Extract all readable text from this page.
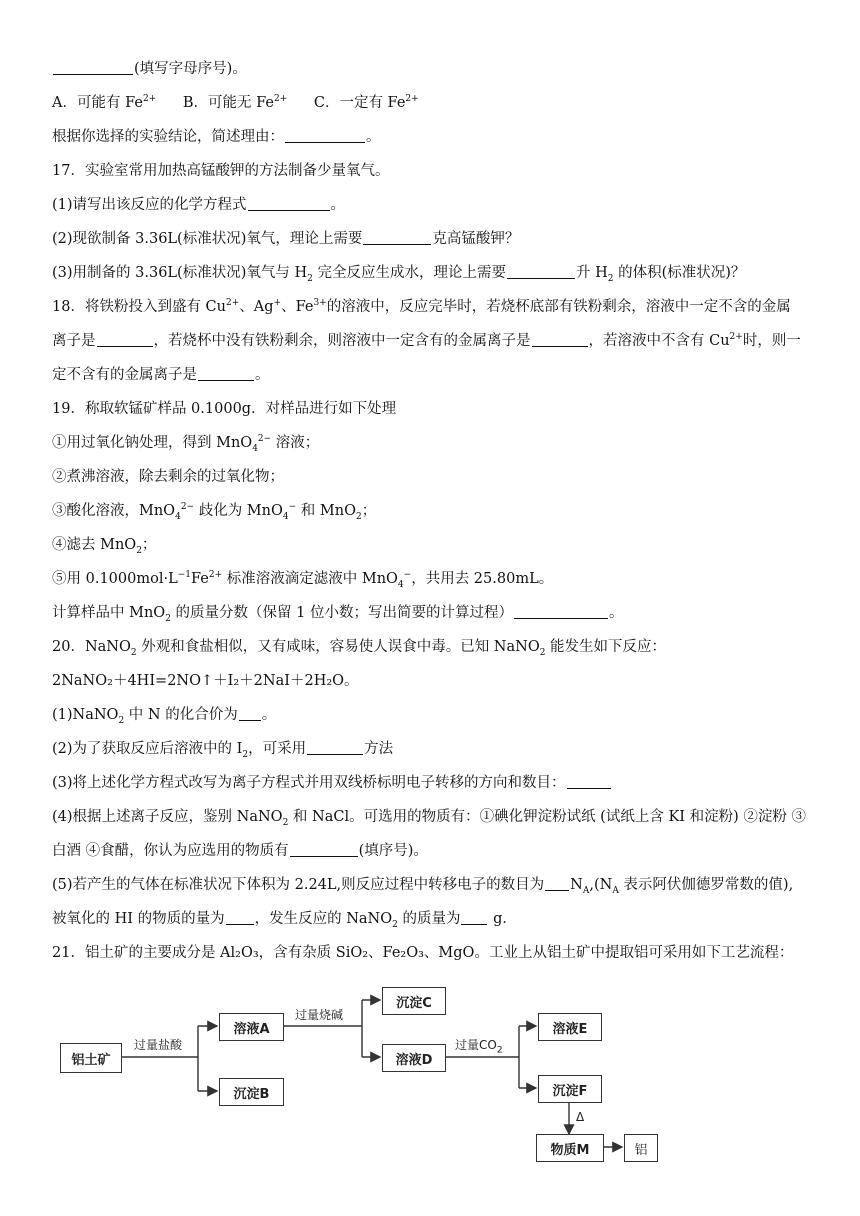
(填写字母序号)。
A．可能有 $Fe^{2+}$ B．可能无 $Fe^{2+}$ C．一定有 $Fe^{2+}$
根据你选择的实验结论，简述理由：	。
17．实验室常用加热高锰酸钾的方法制备少量氧气。
(1)请写出该反应的化学方程式	。
(2)现欲制备 3.36L(标准状况)氧气，理论上需要	克高锰酸钾？
(3)用制备的 3.36L(标准状况)氧气与 $H_2$ 完全反应生成水，理论上需要	升 $H_2$ 的体积(标准状况)？
18．将铁粉投入到盛有 $Cu^{2+}$、Ag+、$Fe^{3+}$的溶液中，反应完毕时，若烧杯底部有铁粉剩余，溶液中一定不含的金属
离子是	，若烧杯中没有铁粉剩余，则溶液中一定含有的金属离子是	，若溶液中不含有 $Cu^{2+}$时，则一
定不含有的金属离子是	。
19．称取软锰矿样品 0.1000g．对样品进行如下处理
①用过氧化钠处理，得到 MnO$_4^{2-}$ 溶液；
②煮沸溶液，除去剩余的过氧化物；
③酸化溶液，MnO$_4^{2-}$ 歧化为 MnO$_4$− 和 MnO$_2$；
④滤去 MnO$_2$；
⑤用 $0.1000mol\cdot L^{-1}Fe^{2+}$ 标准溶液滴定滤液中 MnO$_4$−，共用去 25.80mL。
计算样品中 MnO$_2$ 的质量分数（保留 1 位小数；写出简要的计算过程）	。
20．NaNO$_2$ 外观和食盐相似，又有咸味，容易使人误食中毒。已知 NaNO$_2$ 能发生如下反应：
2NaNO₂＋4HI=2NO↑＋I₂＋2NaI＋2H₂O。
(1)NaNO$_2$ 中 N 的化合价为 。
(2)为了获取反应后溶液中的 $I_2$，可采用	方法
(3)将上述化学方程式改写为离子方程式并用双线桥标明电子转移的方向和数目：
(4)根据上述离子反应，鉴别 NaNO$_2$ 和 NaCl。可选用的物质有：①碘化钾淀粉试纸 (试纸上含 KI 和淀粉) ②淀粉 ③
白酒 ④食醋，你认为应选用的物质有	(填序号)。
(5)若产生的气体在标准状况下体积为 2.24L,则反应过程中转移电子的数目为 $N_A,(N_A$ 表示阿伏伽德罗常数的值),
被氧化的 HI 的物质的量为 ，发生反应的 NaNO$_2$ 的质量为 g．
21．铝土矿的主要成分是 Al₂O₃，含有杂质 SiO₂、Fe₂O₃、MgO。工业上从铝土矿中提取铝可采用如下工艺流程：
铝土矿
过量盐酸
溶液A
沉淀B
过量烧碱
沉淀C
溶液D
过量$CO_2$
溶液E
沉淀F
Δ
物质M	铝
